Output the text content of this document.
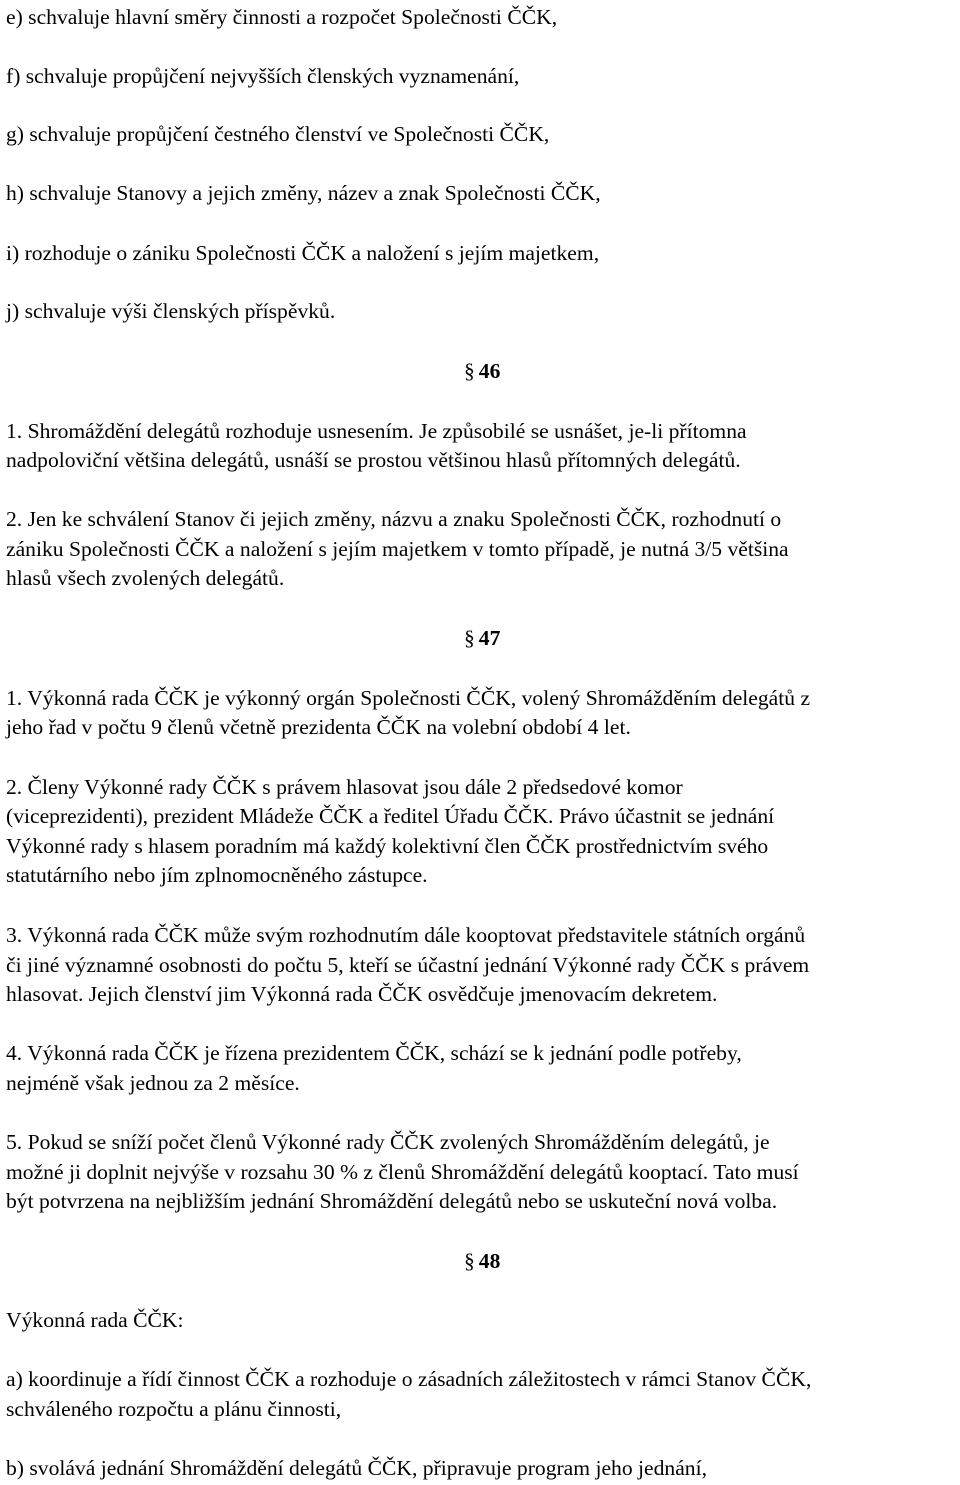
e) schvaluje hlavní směry činnosti a rozpočet Společnosti ČČK,
f) schvaluje propůjčení nejvyšších členských vyznamenání,
g) schvaluje propůjčení čestného členství ve Společnosti ČČK,
h) schvaluje Stanovy a jejich změny, název a znak Společnosti ČČK,
i) rozhoduje o zániku Společnosti ČČK a naložení s jejím majetkem,
j) schvaluje výši členských příspěvků.
§ 46
1. Shromáždění delegátů rozhoduje usnesením. Je způsobilé se usnášet, je-li přítomna
nadpoloviční většina delegátů, usnáší se prostou většinou hlasů přítomných delegátů.
2. Jen ke schválení Stanov či jejich změny, názvu a znaku Společnosti ČČK, rozhodnutí o
zániku Společnosti ČČK a naložení s jejím majetkem v tomto případě, je nutná 3/5 většina
hlasů všech zvolených delegátů.
§ 47
1. Výkonná rada ČČK je výkonný orgán Společnosti ČČK, volený Shromážděním delegátů z
jeho řad v počtu 9 členů včetně prezidenta ČČK na volební období 4 let.
2. Členy Výkonné rady ČČK s právem hlasovat jsou dále 2 předsedové komor
(viceprezidenti), prezident Mládeže ČČK a ředitel Úřadu ČČK. Právo účastnit se jednání
Výkonné rady s hlasem poradním má každý kolektivní člen ČČK prostřednictvím svého
statutárního nebo jím zplnomocněného zástupce.
3. Výkonná rada ČČK může svým rozhodnutím dále kooptovat představitele státních orgánů
či jiné významné osobnosti do počtu 5, kteří se účastní jednání Výkonné rady ČČK s právem
hlasovat. Jejich členství jim Výkonná rada ČČK osvědčuje jmenovacím dekretem.
4. Výkonná rada ČČK je řízena prezidentem ČČK, schází se k jednání podle potřeby,
nejméně však jednou za 2 měsíce.
5. Pokud se sníží počet členů Výkonné rady ČČK zvolených Shromážděním delegátů, je
možné ji doplnit nejvýše v rozsahu 30 % z členů Shromáždění delegátů kooptací. Tato musí
být potvrzena na nejbližším jednání Shromáždění delegátů nebo se uskuteční nová volba.
§ 48
Výkonná rada ČČK:
a) koordinuje a řídí činnost ČČK a rozhoduje o zásadních záležitostech v rámci Stanov ČČK,
schváleného rozpočtu a plánu činnosti,
b) svolává jednání Shromáždění delegátů ČČK, připravuje program jeho jednání,
